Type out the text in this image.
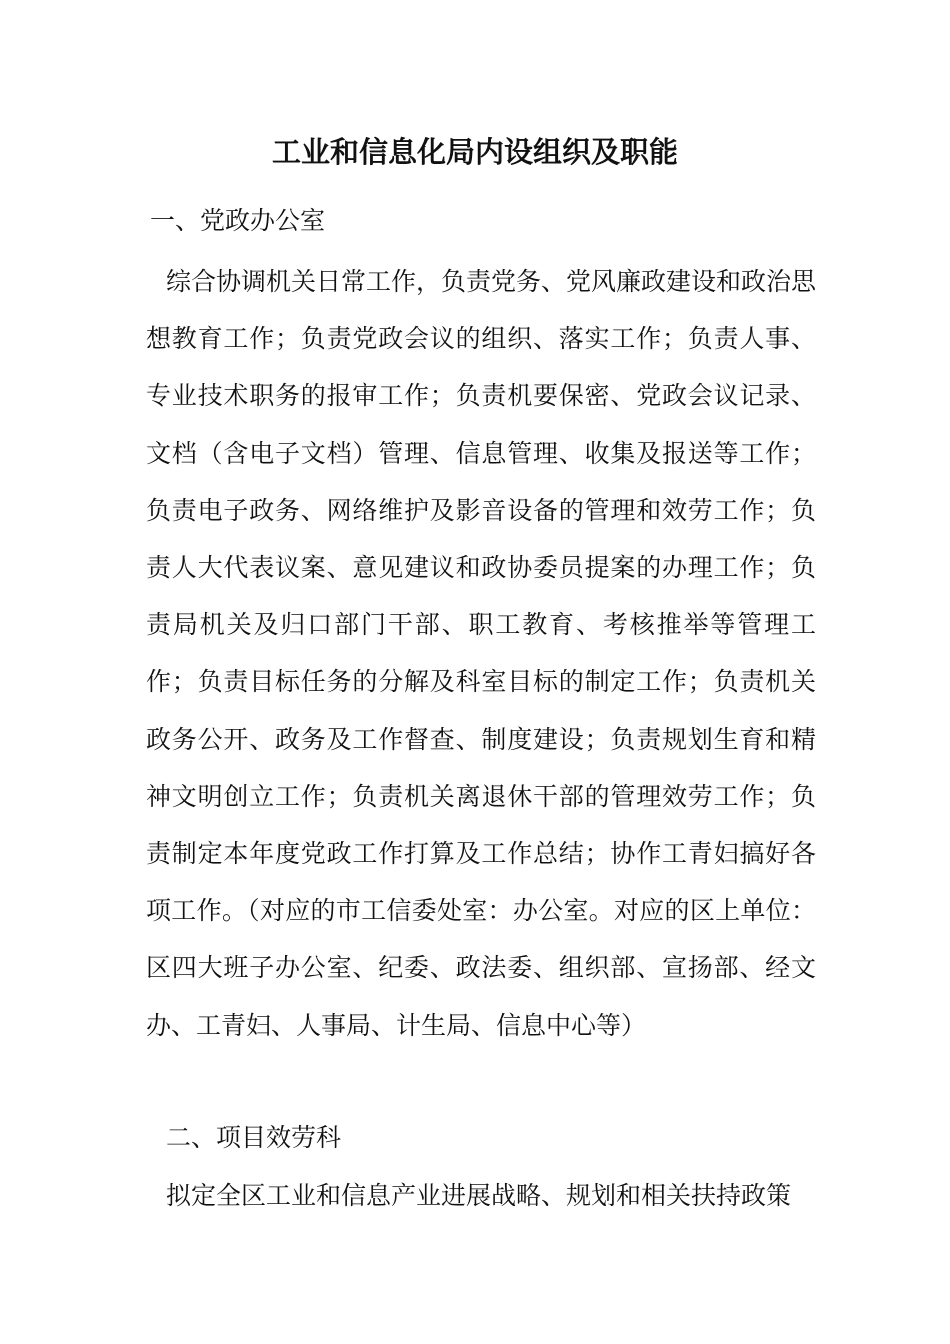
工业和信息化局内设组织及职能
一、党政办公室
综合协调机关日常工作，负责党务、党风廉政建设和政治思想教育工作；负责党政会议的组织、落实工作；负责人事、专业技术职务的报审工作；负责机要保密、党政会议记录、文档（含电子文档）管理、信息管理、收集及报送等工作；负责电子政务、网络维护及影音设备的管理和效劳工作；负责人大代表议案、意见建议和政协委员提案的办理工作；负责局机关及归口部门干部、职工教育、考核推举等管理工作；负责目标任务的分解及科室目标的制定工作；负责机关政务公开、政务及工作督查、制度建设；负责规划生育和精神文明创立工作；负责机关离退休干部的管理效劳工作；负责制定本年度党政工作打算及工作总结；协作工青妇搞好各项工作。（对应的市工信委处室：办公室。对应的区上单位：区四大班子办公室、纪委、政法委、组织部、宣扬部、经文办、工青妇、人事局、计生局、信息中心等）
二、项目效劳科
拟定全区工业和信息产业进展战略、规划和相关扶持政策
